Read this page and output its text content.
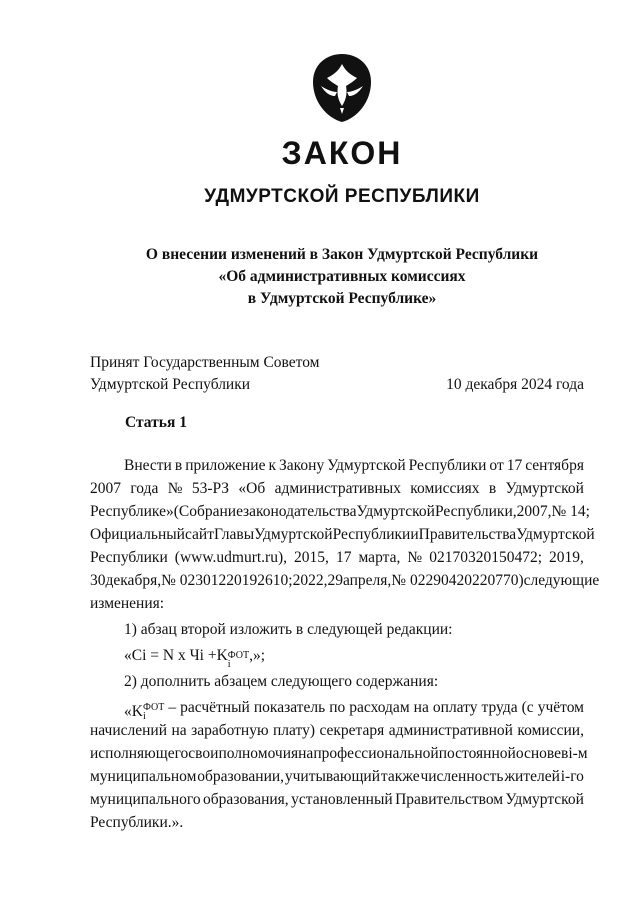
ЗАКОН
УДМУРТСКОЙ РЕСПУБЛИКИ
О внесении изменений в Закон Удмуртской Республики
«Об административных комиссиях
в Удмуртской Республике»
Принят Государственным Советом
Удмуртской Республики	10 декабря 2024 года
Статья 1
Внести в приложение к Закону Удмуртской Республики от 17 сентября
2007 года № 53-РЗ «Об административных комиссиях в Удмуртской
Республике» (Собрание законодательства Удмуртской Республики, 2007, № 14;
Официальный сайт Главы Удмуртской Республики и Правительства Удмуртской
Республики (www.udmurt.ru), 2015, 17 марта, № 02170320150472; 2019,
30 декабря, № 02301220192610; 2022, 29 апреля, № 02290420220770) следующие
изменения:
1) абзац второй изложить в следующей редакции:
«Ci = N x Чi +K $^{ФОТ}$
i
,»;
2) дополнить абзацем следующего содержания:
«$K^{ФОТ}$
i
– расчётный показатель по расходам на оплату труда (с учётом
начислений на заработную плату) секретаря административной комиссии,
исполняющего свои полномочия на профессиональной постоянной основе в i-м
муниципальном образовании, учитывающий также численность жителей i-го
муниципального образования, установленный Правительством Удмуртской
Республики.».
